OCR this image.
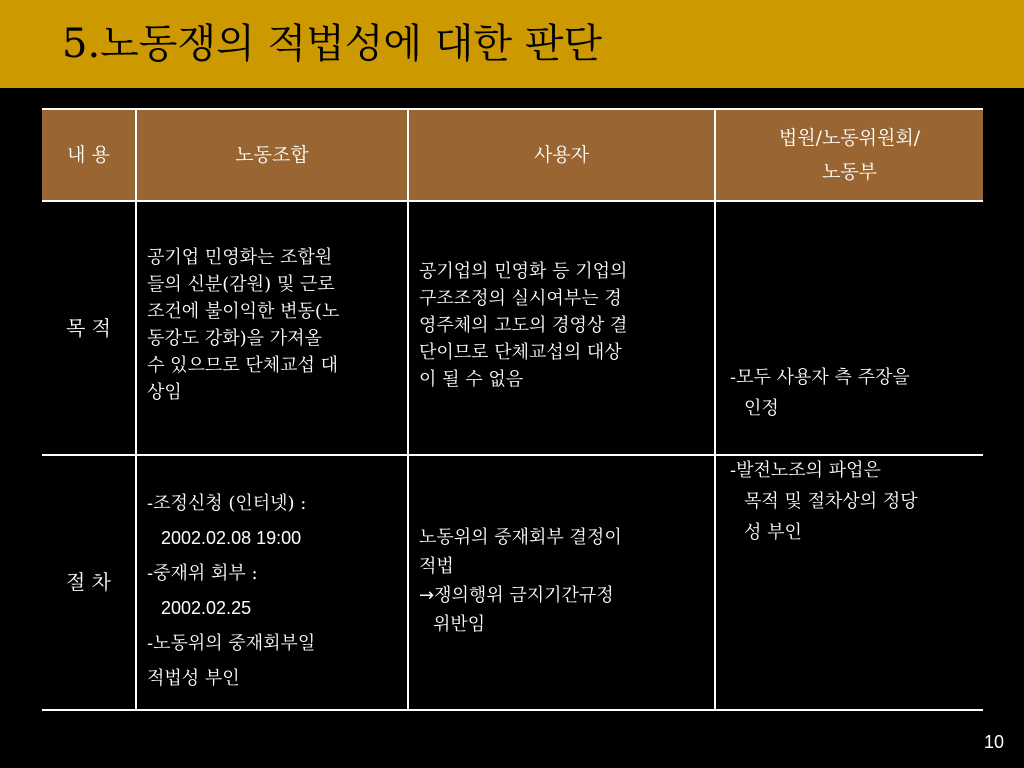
5.노동쟁의 적법성에 대한 판단
내 용	노동조합	사용자
법원/노동위원회/
노동부
목 적
공기업 민영화는 조합원
들의 신분(감원) 및 근로
조건에 불이익한 변동(노
동강도 강화)을 가져올
수 있으므로 단체교섭 대
상임
공기업의 민영화 등 기업의
구조조정의 실시여부는 경
영주체의 고도의 경영상 결
단이므로 단체교섭의 대상
이 될 수 없음
절 차
-조정신청 (인터넷) :
2002.02.08 19:00
-중재위 회부 :
2002.02.25
-노동위의 중재회부일
적법성 부인
노동위의 중재회부 결정이
적법
→쟁의행위 금지기간규정
위반임
-모두 사용자 측 주장을
인정
-발전노조의 파업은
목적 및 절차상의 정당
성 부인
10
